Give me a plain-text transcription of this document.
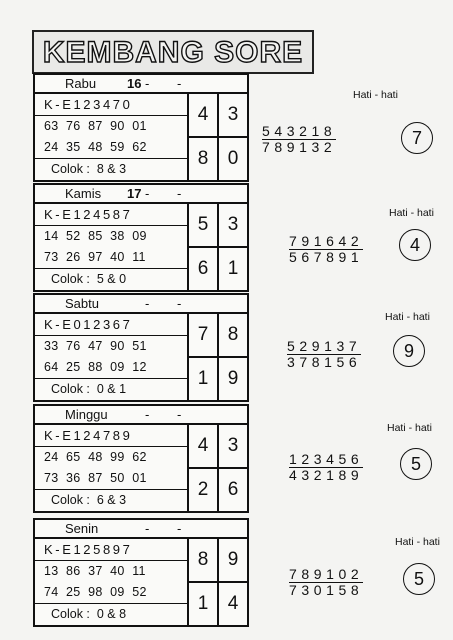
KEMBANG SORE
Rabu 16 - -
K-E123470
63  76  87  90  01
24  35  48  59  62
Colok : 8 & 3
4	3
8	0
Hati - hati
543218
789132	7
Kamis 17 - -
K-E124587
14  52  85  38  09
73  26  97  40  11
Colok : 5 & 0
5	3
6	1
Hati - hati
791642
567891
4
Sabtu	- -
K-E012367
33  76  47  90  51
64  25  88  09  12
Colok : 0 & 1
7	8
1	9
Hati - hati
529137
378156
9
Minggu	- -
K-E124789
24  65  48  99  62
73  36  87  50  01
Colok : 6 & 3
4	3
2	6
Hati - hati
123456
432189
5
Senin	- -
K-E125897
13  86  37  40  11
74  25  98  09  52
Colok : 0 & 8
8	9
1	4
Hati - hati
789102
730158
5
